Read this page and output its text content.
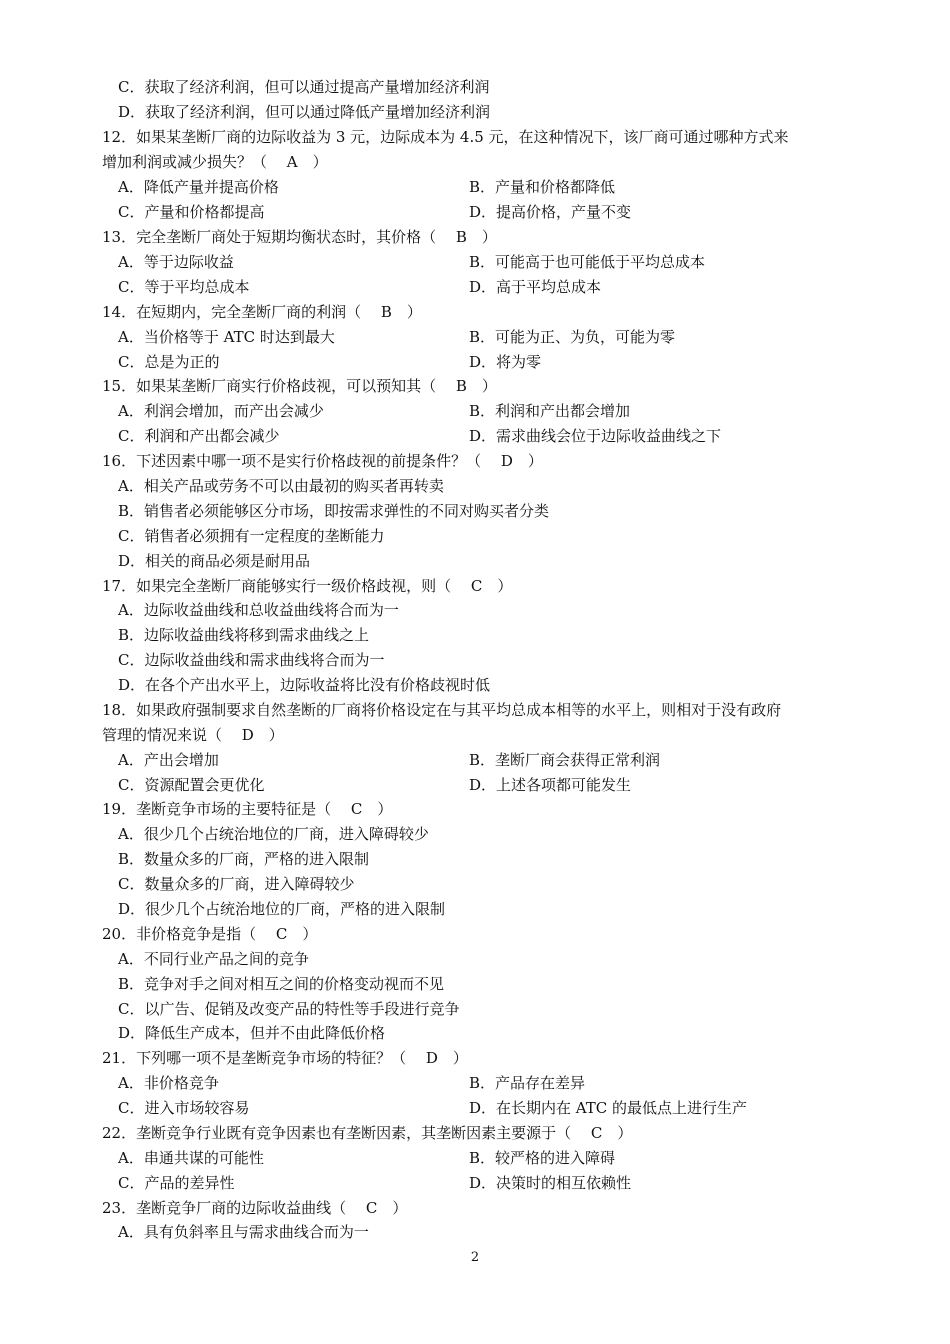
C．获取了经济利润，但可以通过提高产量增加经济利润
D．获取了经济利润，但可以通过降低产量增加经济利润
12．如果某垄断厂商的边际收益为 3 元，边际成本为 4.5 元，在这种情况下，该厂商可通过哪种方式来
增加利润或减少损失？（　 A　）
A．降低产量并提高价格	B．产量和价格都降低
C．产量和价格都提高	D．提高价格，产量不变
13．完全垄断厂商处于短期均衡状态时，其价格（　 B　）
A．等于边际收益	B．可能高于也可能低于平均总成本
C．等于平均总成本	D．高于平均总成本
14．在短期内，完全垄断厂商的利润（　 B　）
A．当价格等于 ATC 时达到最大	B．可能为正、为负，可能为零
C．总是为正的	D．将为零
15．如果某垄断厂商实行价格歧视，可以预知其（　 B　）
A．利润会增加，而产出会减少	B．利润和产出都会增加
C．利润和产出都会减少	D．需求曲线会位于边际收益曲线之下
16．下述因素中哪一项不是实行价格歧视的前提条件？（　 D　）
A．相关产品或劳务不可以由最初的购买者再转卖
B．销售者必须能够区分市场，即按需求弹性的不同对购买者分类
C．销售者必须拥有一定程度的垄断能力
D．相关的商品必须是耐用品
17．如果完全垄断厂商能够实行一级价格歧视，则（　 C　）
A．边际收益曲线和总收益曲线将合而为一
B．边际收益曲线将移到需求曲线之上
C．边际收益曲线和需求曲线将合而为一
D．在各个产出水平上，边际收益将比没有价格歧视时低
18．如果政府强制要求自然垄断的厂商将价格设定在与其平均总成本相等的水平上，则相对于没有政府
管理的情况来说（　 D　）
A．产出会增加	B．垄断厂商会获得正常利润
C．资源配置会更优化	D．上述各项都可能发生
19．垄断竞争市场的主要特征是（　 C　）
A．很少几个占统治地位的厂商，进入障碍较少
B．数量众多的厂商，严格的进入限制
C．数量众多的厂商，进入障碍较少
D．很少几个占统治地位的厂商，严格的进入限制
20．非价格竞争是指（　 C　）
A．不同行业产品之间的竞争
B．竞争对手之间对相互之间的价格变动视而不见
C．以广告、促销及改变产品的特性等手段进行竞争
D．降低生产成本，但并不由此降低价格
21．下列哪一项不是垄断竞争市场的特征？（　 D　）
A．非价格竞争	B．产品存在差异
C．进入市场较容易	D．在长期内在 ATC 的最低点上进行生产
22．垄断竞争行业既有竞争因素也有垄断因素，其垄断因素主要源于（　 C　）
A．串通共谋的可能性	B．较严格的进入障碍
C．产品的差异性	D．决策时的相互依赖性
23．垄断竞争厂商的边际收益曲线（　 C　）
A．具有负斜率且与需求曲线合而为一
2
